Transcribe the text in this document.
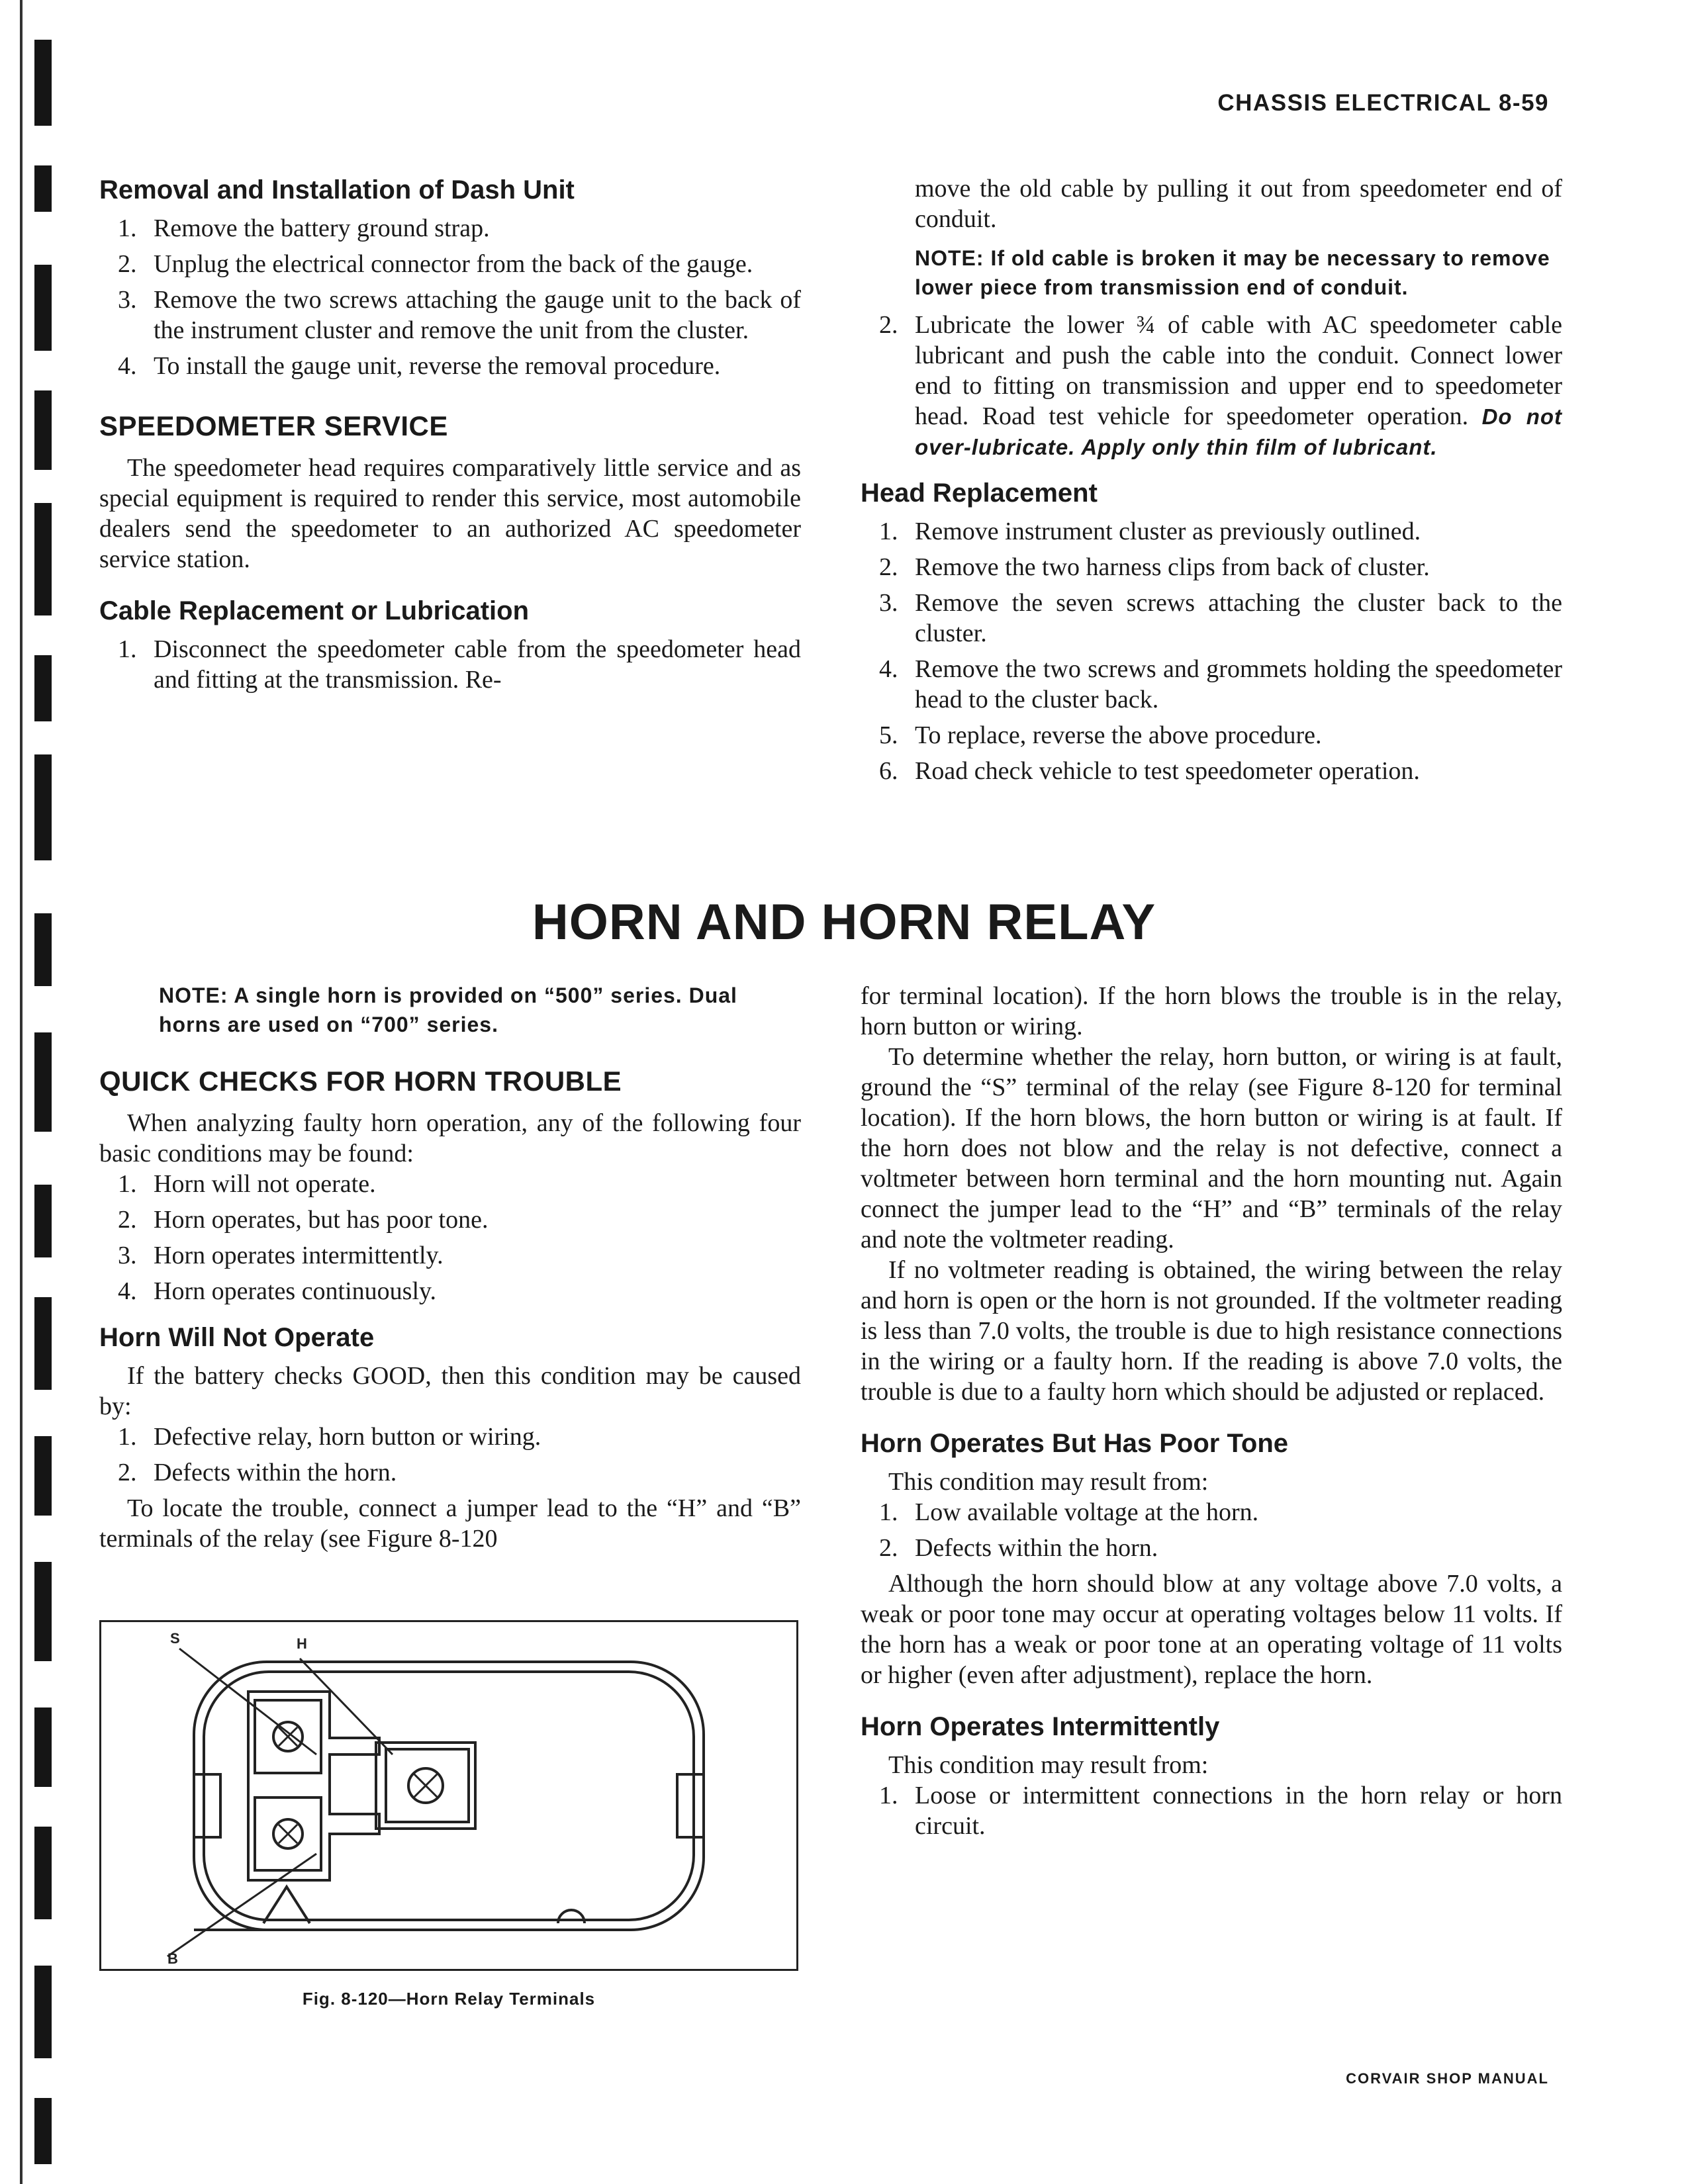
CHASSIS ELECTRICAL 8-59
Removal and Installation of Dash Unit
1. Remove the battery ground strap.
2. Unplug the electrical connector from the back of the gauge.
3. Remove the two screws attaching the gauge unit to the back of the instrument cluster and remove the unit from the cluster.
4. To install the gauge unit, reverse the removal procedure.
SPEEDOMETER SERVICE

The speedometer head requires comparatively little service and as special equipment is required to render this service, most automobile dealers send the speedometer to an authorized AC speedometer service station.

Cable Replacement or Lubrication
1. Disconnect the speedometer cable from the speedometer head and fitting at the transmission. Re-

move the old cable by pulling it out from speedometer end of conduit.

NOTE: If old cable is broken it may be necessary to remove lower piece from transmission end of conduit.

2. Lubricate the lower ¾ of cable with AC speedometer cable lubricant and push the cable into the conduit. Connect lower end to fitting on transmission and upper end to speedometer head. Road test vehicle for speedometer operation. Do not over-lubricate. Apply only thin film of lubricant.
Head Replacement
1. Remove instrument cluster as previously outlined.
2. Remove the two harness clips from back of cluster.
3. Remove the seven screws attaching the cluster back to the cluster.
4. Remove the two screws and grommets holding the speedometer head to the cluster back.
5. To replace, reverse the above procedure.
6. Road check vehicle to test speedometer operation.
HORN AND HORN RELAY

NOTE: A single horn is provided on “500” series. Dual horns are used on “700” series.

QUICK CHECKS FOR HORN TROUBLE

When analyzing faulty horn operation, any of the following four basic conditions may be found:

1. Horn will not operate.
2. Horn operates, but has poor tone.
3. Horn operates intermittently.
4. Horn operates continuously.
Horn Will Not Operate

If the battery checks GOOD, then this condition may be caused by:

1. Defective relay, horn button or wiring.
2. Defects within the horn.

To locate the trouble, connect a jumper lead to the “H” and “B” terminals of the relay (see Figure 8-120

S	H
B
Fig. 8-120—Horn Relay Terminals

for terminal location). If the horn blows the trouble is in the relay, horn button or wiring.

To determine whether the relay, horn button, or wiring is at fault, ground the “S” terminal of the relay (see Figure 8-120 for terminal location). If the horn blows, the horn button or wiring is at fault. If the horn does not blow and the relay is not defective, connect a voltmeter between horn terminal and the horn mounting nut. Again connect the jumper lead to the “H” and “B” terminals of the relay and note the voltmeter reading.

If no voltmeter reading is obtained, the wiring between the relay and horn is open or the horn is not grounded. If the voltmeter reading is less than 7.0 volts, the trouble is due to high resistance connections in the wiring or a faulty horn. If the reading is above 7.0 volts, the trouble is due to a faulty horn which should be adjusted or replaced.

Horn Operates But Has Poor Tone

This condition may result from:

1. Low available voltage at the horn.
2. Defects within the horn.

Although the horn should blow at any voltage above 7.0 volts, a weak or poor tone may occur at operating voltages below 11 volts. If the horn has a weak or poor tone at an operating voltage of 11 volts or higher (even after adjustment), replace the horn.

Horn Operates Intermittently

This condition may result from:

1. Loose or intermittent connections in the horn relay or horn circuit.
CORVAIR SHOP MANUAL
